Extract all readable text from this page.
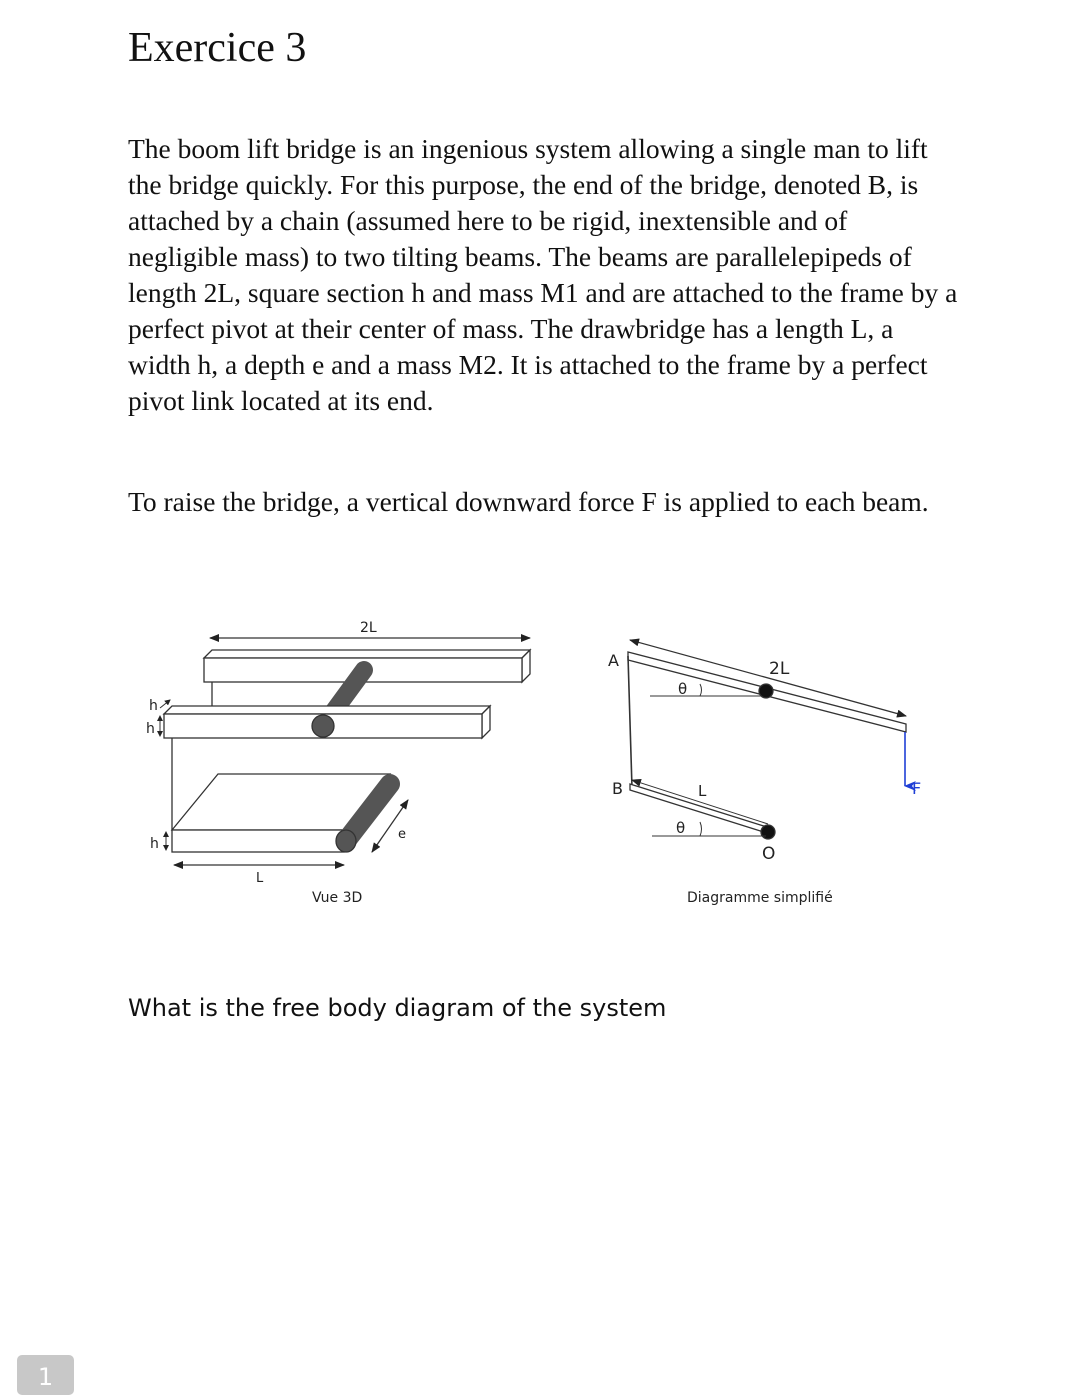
Exercice 3

The boom lift bridge is an ingenious system allowing a single man to lift the bridge quickly. For this purpose, the end of the bridge, denoted B, is attached by a chain (assumed here to be rigid, inextensible and of negligible mass) to two tilting beams. The beams are parallelepipeds of length 2L, square section h and mass M1 and are attached to the frame by a perfect pivot at their center of mass. The drawbridge has a length L, a width h, a depth e and a mass M2. It is attached to the frame by a perfect pivot link located at its end.

To raise the bridge, a vertical downward force F is applied to each beam.

2L
h
h
h
e
L
Vue 3D
A	2L
θ
B	L	F
θ
O
Diagramme simplifié
What is the free body diagram of the system
1
